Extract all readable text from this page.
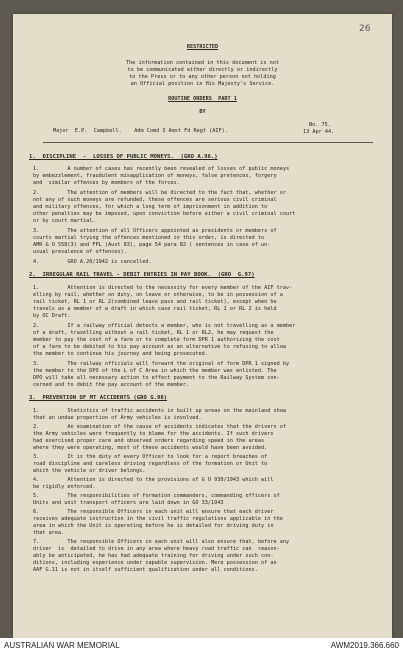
26
RESTRICTED
The information contained in this document is not
to be communicated either directly or indirectly
to the Press or to any other person not holding
an Official position in His Majesty's Service.
ROUTINE ORDERS  PART 1
BY
Major  E.P.  Campbell.    Adm Comd 3 Amst Fd Regt (AIF).
No. 75.
13 Apr 44.
1.  DISCIPLINE  -  LOSSES OF PUBLIC MONEYS.  (GRO A.96.)
1.         A number of cases has recently been revealed of losses of public moneys
by embezzlement, fraudulent misapplication of moneys, false pretences, forgery
and  similar offences by members of the forces.
2.         The attention of members will be directed to the fact that, whether or
not any of such moneys are refunded, these offences are serious civil criminal
and military offences, for which a long term of imprisonment in addition to
other penalties may be imposed, upon conviction before either a civil criminal court
or by court martial.
3.         The attention of all Officers appointed as presidents or members of
courts martial trying the offences mentioned in this order, is directed to
AMR & O 558(3) and FPL (Aust 83), page 54 para 82 ( sentences in case of un-
usual prevalence of offences).
4.         GRO A.20/1942 is cancelled.
2.  IRREGULAR RAIL TRAVEL - DEBIT ENTRIES IN PAY BOOK.  (GRO  G.97)
1.         Attention is directed to the necessity for every member of the AIF trav-
elling by rail, whether on duty, on leave or otherwise, to be in possession of a
rail ticket, RL 1 or RL 2(combined leave pass and rail ticket), except when he
travels as a member of a draft in which case rail ticket, RL 1 or RL 2 is held
by OC Draft.
2.         If a railway official detects a member, who is not travelling as a member
of a draft, travelling without a rail ticket, RL 1 or RL2, he may request the
member to pay the cost of a fare or to complete form DPR 1 authorizing the cost
of a fare to be debited to his pay account as an alternative to refusing to allow
the member to continue his journey and being prosecuted.
3.         The railway officials will forward the original of form DPR 1 signed by
the member to the DPO of the L of C Area in which the member was enlisted. The
DPO will take all necessary action to effect payment to the Railway System con-
cerned and to debit the pay account of the member.
3.  PREVENTION OF MT ACCIDENTS (GRO G.98)
1.         Statistics of traffic accidents in built up areas on the mainland show
that an undue proportion of Army vehicles is involved.
2.         An examination of the cause of accidents indicates that the drivers of
the Army vehicles were frequently to blame for the accidents. If such drivers
had exercised proper care and observed orders regarding speed in the areas
where they were operating, most of these accidents would have been avoided.
3.         It is the duty of every Officer to look for a report breaches of
road discipline and careless driving regardless of the formation or Unit to
which the vehicle or driver belongs.
4.         Attention is directed to the provisions of G O 930/1943 which will
be rigidly enforced.
5.         The responsibilities of formation commanders, commanding officers of
Units and unit transport officers are laid down in GO 33/1943
6.         The responsible Officers in each unit will ensure that each driver
receives adequate instruction in the civil traffic regulations applicable in the
area in which the Unit is operating before he is detailed for driving duty in
that area.
7.         The responsible Officers in each unit will also ensure that, before any
driver  is  detailed to drive in any area where heavy road traffic can  reason-
ably be anticipated, he has had adequate training for driving under such con-
ditions, including experience under capable supervision. Mere possession of an
AAF G.11 is not in itself sufficient qualification under all conditions.
AUSTRALIAN WAR MEMORIAL	AWM2019.366.660
